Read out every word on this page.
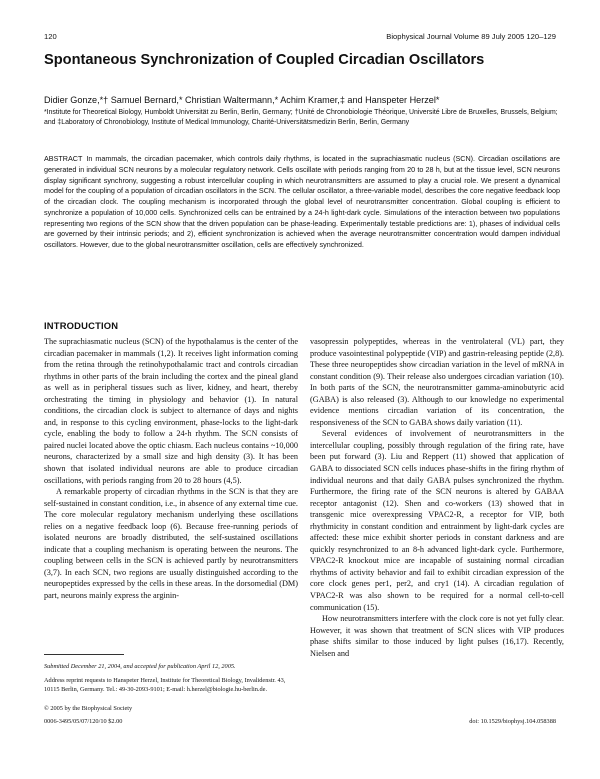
120	Biophysical Journal Volume 89 July 2005 120–129
Spontaneous Synchronization of Coupled Circadian Oscillators
Didier Gonze,*† Samuel Bernard,* Christian Waltermann,* Achim Kramer,‡ and Hanspeter Herzel*
*Institute for Theoretical Biology, Humboldt Universität zu Berlin, Berlin, Germany; †Unité de Chronobiologie Théorique, Université Libre de Bruxelles, Brussels, Belgium; and ‡Laboratory of Chronobiology, Institute of Medical Immunology, Charité-Universitätsmedizin Berlin, Berlin, Germany
ABSTRACT In mammals, the circadian pacemaker, which controls daily rhythms, is located in the suprachiasmatic nucleus (SCN). Circadian oscillations are generated in individual SCN neurons by a molecular regulatory network. Cells oscillate with periods ranging from 20 to 28 h, but at the tissue level, SCN neurons display significant synchrony, suggesting a robust intercellular coupling in which neurotransmitters are assumed to play a crucial role. We present a dynamical model for the coupling of a population of circadian oscillators in the SCN. The cellular oscillator, a three-variable model, describes the core negative feedback loop of the circadian clock. The coupling mechanism is incorporated through the global level of neurotransmitter concentration. Global coupling is efficient to synchronize a population of 10,000 cells. Synchronized cells can be entrained by a 24-h light-dark cycle. Simulations of the interaction between two populations representing two regions of the SCN show that the driven population can be phase-leading. Experimentally testable predictions are: 1), phases of individual cells are governed by their intrinsic periods; and 2), efficient synchronization is achieved when the average neurotransmitter concentration would dampen individual oscillators. However, due to the global neurotransmitter oscillation, cells are effectively synchronized.
INTRODUCTION

The suprachiasmatic nucleus (SCN) of the hypothalamus is the center of the circadian pacemaker in mammals (1,2). It receives light information coming from the retina through the retinohypothalamic tract and controls circadian rhythms in other parts of the brain including the cortex and the pineal gland as well as in peripheral tissues such as liver, kidney, and heart, thereby orchestrating the timing in physiology and behavior (1). In natural conditions, the circadian clock is subject to alternance of days and nights and, in response to this cycling environment, phase-locks to the light-dark cycle, enabling the body to follow a 24-h rhythm. The SCN consists of paired nuclei located above the optic chiasm. Each nucleus contains ~10,000 neurons, characterized by a small size and high density (3). It has been shown that isolated individual neurons are able to produce circadian oscillations, with periods ranging from 20 to 28 hours (4,5).

A remarkable property of circadian rhythms in the SCN is that they are self-sustained in constant condition, i.e., in absence of any external time cue. The core molecular regulatory mechanism underlying these oscillations relies on a negative feedback loop (6). Because free-running periods of isolated neurons are broadly distributed, the self-sustained oscillations indicate that a coupling mechanism is operating between the neurons. The coupling between cells in the SCN is achieved partly by neurotransmitters (3,7). In each SCN, two regions are usually distinguished according to the neuropeptides expressed by the cells in these areas. In the dorsomedial (DM) part, neurons mainly express the arginin-

vasopressin polypeptides, whereas in the ventrolateral (VL) part, they produce vasointestinal polypeptide (VIP) and gastrin-releasing peptide (2,8). These three neuropeptides show circadian variation in the level of mRNA in constant condition (9). Their release also undergoes circadian variation (10). In both parts of the SCN, the neurotransmitter gamma-aminobutyric acid (GABA) is also released (3). Although to our knowledge no experimental evidence mentions circadian variation of its concentration, the responsiveness of the SCN to GABA shows daily variation (11).

Several evidences of involvement of neurotransmitters in the intercellular coupling, possibly through regulation of the firing rate, have been put forward (3). Liu and Reppert (11) showed that application of GABA to dissociated SCN cells induces phase-shifts in the firing rhythm of individual neurons and that daily GABA pulses synchronized the rhythm. Furthermore, the firing rate of the SCN neurons is altered by GABAA receptor antagonist (12). Shen and co-workers (13) showed that in transgenic mice overexpressing VPAC2-R, a receptor for VIP, both rhythmicity in constant condition and entrainment by light-dark cycles are affected: these mice exhibit shorter periods in constant darkness and are quickly resynchronized to an 8-h advanced light-dark cycle. Furthermore, VPAC2-R knockout mice are incapable of sustaining normal circadian rhythms of activity behavior and fail to exhibit circadian expression of the core clock genes per1, per2, and cry1 (14). A circadian regulation of VPAC2-R was also shown to be required for a normal cell-to-cell communication (15).

How neurotransmitters interfere with the clock core is not yet fully clear. However, it was shown that treatment of SCN slices with VIP produces phase shifts similar to those induced by light pulses (16,17). Recently, Nielsen and

Submitted December 21, 2004, and accepted for publication April 12, 2005.
Address reprint requests to Hanspeter Herzel, Institute for Theoretical Biology, Invalidenstr. 43, 10115 Berlin, Germany. Tel.: 49-30-2093-9101; E-mail: h.herzel@biologie.hu-berlin.de.
© 2005 by the Biophysical Society
0006-3495/05/07/120/10 $2.00	doi: 10.1529/biophysj.104.058388
